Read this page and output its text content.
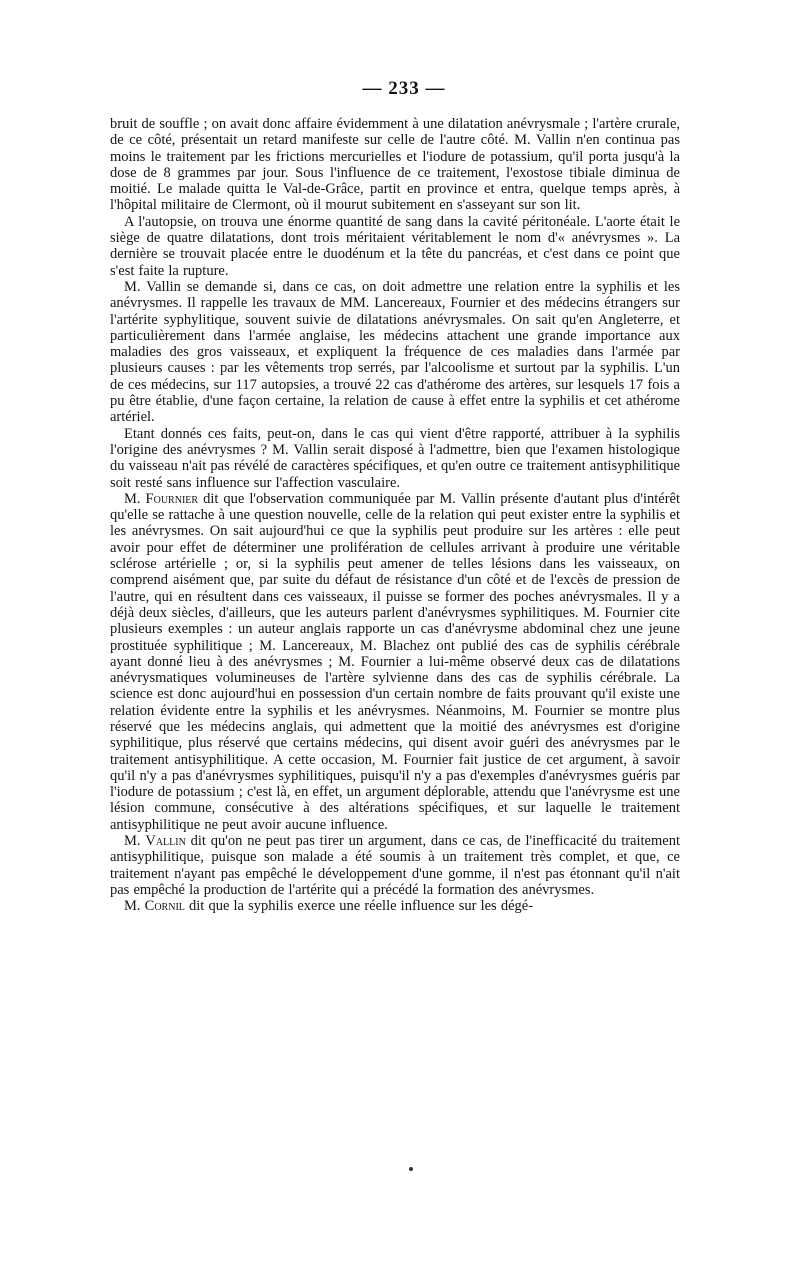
— 233 —

bruit de souffle ; on avait donc affaire évidemment à une dilatation anévrysmale ; l'artère crurale, de ce côté, présentait un retard manifeste sur celle de l'autre côté. M. Vallin n'en continua pas moins le traitement par les frictions mercurielles et l'iodure de potassium, qu'il porta jusqu'à la dose de 8 grammes par jour. Sous l'influence de ce traitement, l'exostose tibiale diminua de moitié. Le malade quitta le Val-de-Grâce, partit en province et entra, quelque temps après, à l'hôpital militaire de Clermont, où il mourut subitement en s'asseyant sur son lit.

A l'autopsie, on trouva une énorme quantité de sang dans la cavité péritonéale. L'aorte était le siège de quatre dilatations, dont trois méritaient véritablement le nom d'« anévrysmes ». La dernière se trouvait placée entre le duodénum et la tête du pancréas, et c'est dans ce point que s'est faite la rupture.

M. Vallin se demande si, dans ce cas, on doit admettre une relation entre la syphilis et les anévrysmes. Il rappelle les travaux de MM. Lancereaux, Fournier et des médecins étrangers sur l'artérite syphylitique, souvent suivie de dilatations anévrysmales. On sait qu'en Angleterre, et particulièrement dans l'armée anglaise, les médecins attachent une grande importance aux maladies des gros vaisseaux, et expliquent la fréquence de ces maladies dans l'armée par plusieurs causes : par les vêtements trop serrés, par l'alcoolisme et surtout par la syphilis. L'un de ces médecins, sur 117 autopsies, a trouvé 22 cas d'athérome des artères, sur lesquels 17 fois a pu être établie, d'une façon certaine, la relation de cause à effet entre la syphilis et cet athérome artériel.

Etant donnés ces faits, peut-on, dans le cas qui vient d'être rapporté, attribuer à la syphilis l'origine des anévrysmes ? M. Vallin serait disposé à l'admettre, bien que l'examen histologique du vaisseau n'ait pas révélé de caractères spécifiques, et qu'en outre ce traitement antisyphilitique soit resté sans influence sur l'affection vasculaire.

M. Fournier dit que l'observation communiquée par M. Vallin présente d'autant plus d'intérêt qu'elle se rattache à une question nouvelle, celle de la relation qui peut exister entre la syphilis et les anévrysmes. On sait aujourd'hui ce que la syphilis peut produire sur les artères : elle peut avoir pour effet de déterminer une prolifération de cellules arrivant à produire une véritable sclérose artérielle ; or, si la syphilis peut amener de telles lésions dans les vaisseaux, on comprend aisément que, par suite du défaut de résistance d'un côté et de l'excès de pression de l'autre, qui en résultent dans ces vaisseaux, il puisse se former des poches anévrysmales. Il y a déjà deux siècles, d'ailleurs, que les auteurs parlent d'anévrysmes syphilitiques. M. Fournier cite plusieurs exemples : un auteur anglais rapporte un cas d'anévrysme abdominal chez une jeune prostituée syphilitique ; M. Lancereaux, M. Blachez ont publié des cas de syphilis cérébrale ayant donné lieu à des anévrysmes ; M. Fournier a lui-même observé deux cas de dilatations anévrysmatiques volumineuses de l'artère sylvienne dans des cas de syphilis cérébrale. La science est donc aujourd'hui en possession d'un certain nombre de faits prouvant qu'il existe une relation évidente entre la syphilis et les anévrysmes. Néanmoins, M. Fournier se montre plus réservé que les médecins anglais, qui admettent que la moitié des anévrysmes est d'origine syphilitique, plus réservé que certains médecins, qui disent avoir guéri des anévrysmes par le traitement antisyphilitique. A cette occasion, M. Fournier fait justice de cet argument, à savoir qu'il n'y a pas d'anévrysmes syphilitiques, puisqu'il n'y a pas d'exemples d'anévrysmes guéris par l'iodure de potassium ; c'est là, en effet, un argument déplorable, attendu que l'anévrysme est une lésion commune, consécutive à des altérations spécifiques, et sur laquelle le traitement antisyphilitique ne peut avoir aucune influence.

M. Vallin dit qu'on ne peut pas tirer un argument, dans ce cas, de l'inefficacité du traitement antisyphilitique, puisque son malade a été soumis à un traitement très complet, et que, ce traitement n'ayant pas empêché le développement d'une gomme, il n'est pas étonnant qu'il n'ait pas empêché la production de l'artérite qui a précédé la formation des anévrysmes.

M. Cornil dit que la syphilis exerce une réelle influence sur les dégé-
